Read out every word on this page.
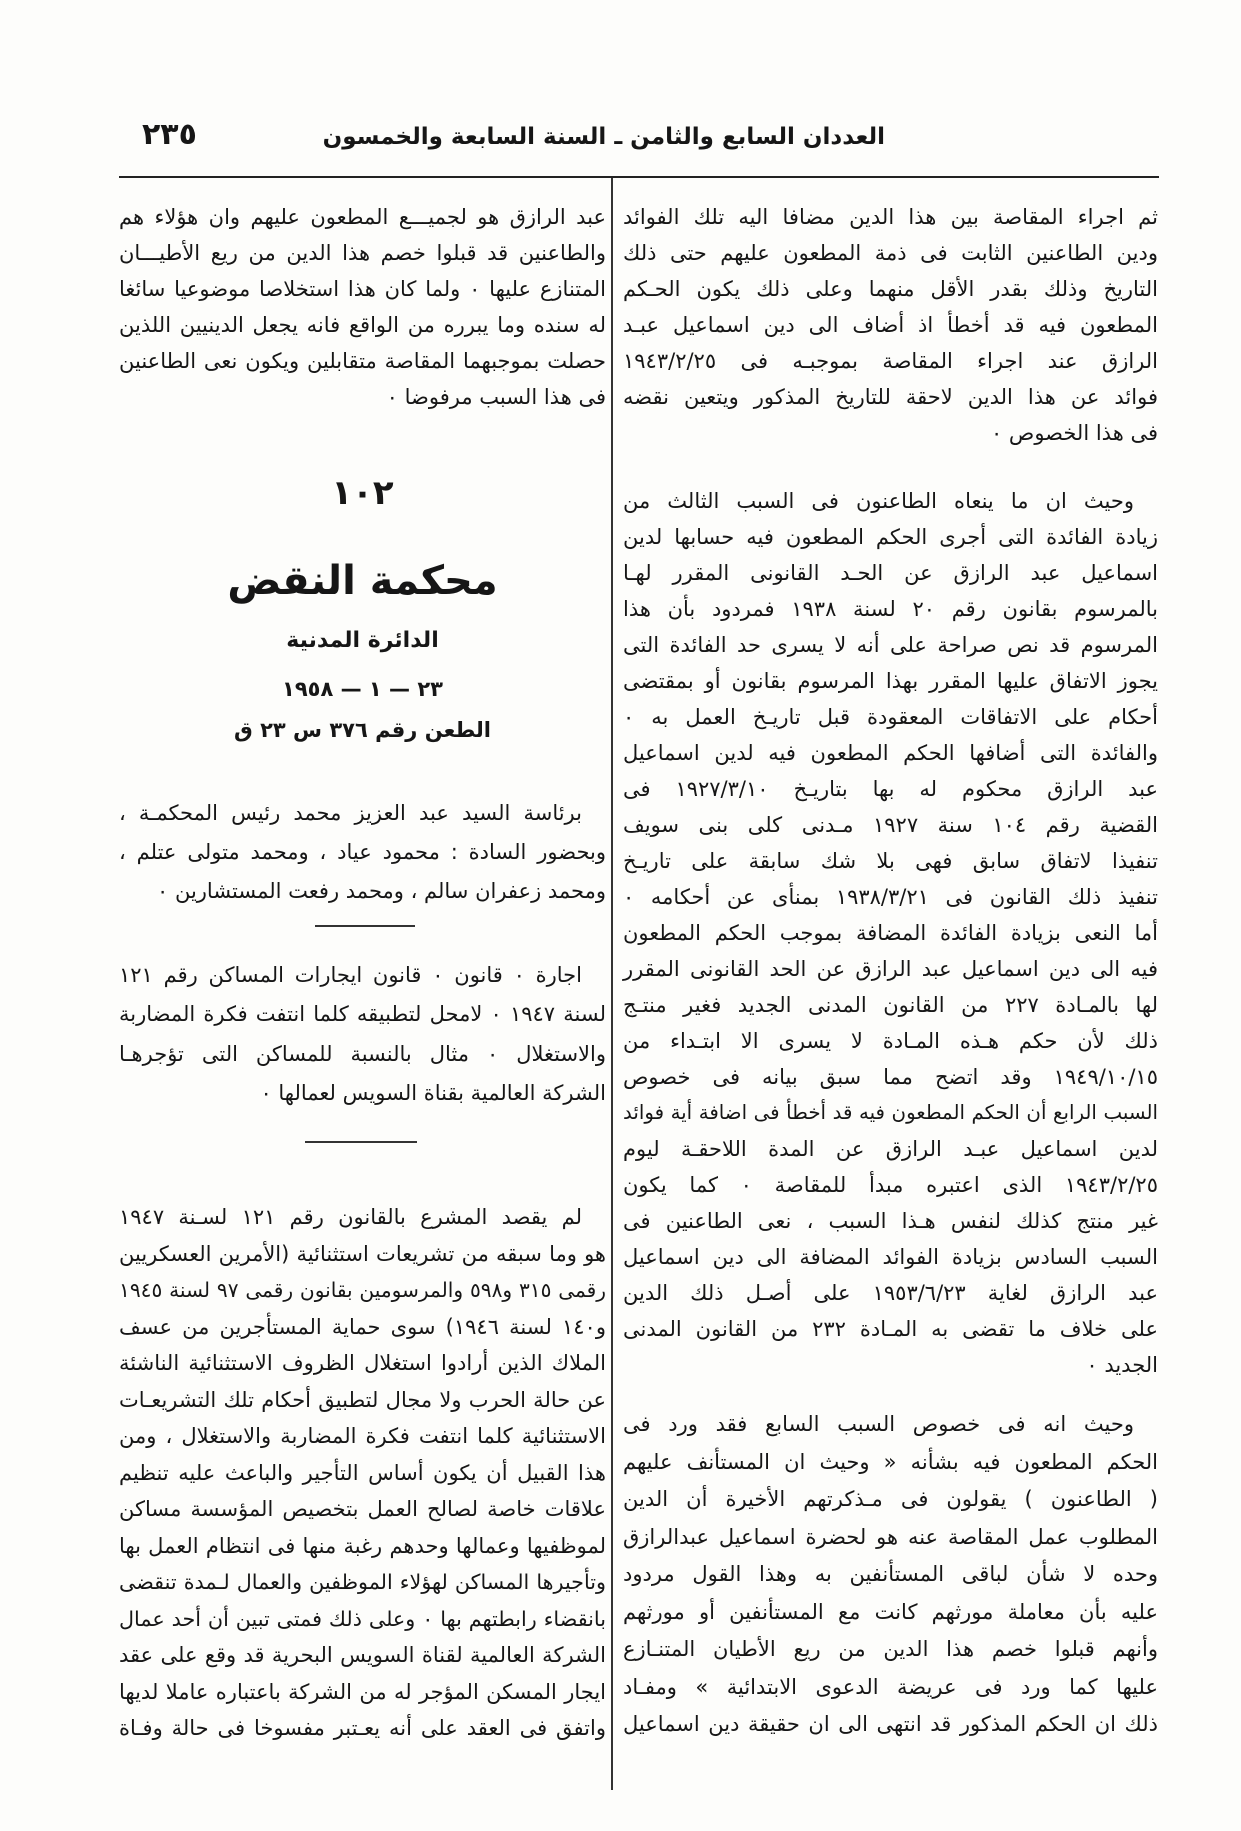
العددان السابع والثامن ـ السنة السابعة والخمسون
٢٣٥
ثم اجراء المقاصة بين هذا الدين مضافا اليه تلك الفوائد
ودين الطاعنين الثابت فى ذمة المطعون عليهم حتى ذلك
التاريخ وذلك بقدر الأقل منهما وعلى ذلك يكون الحـكم
المطعون فيه قد أخطأ اذ أضاف الى دين اسماعيل عبـد
الرازق عند اجراء المقاصة بموجبـه فى ١٩٤٣/٢/٢٥
فوائد عن هذا الدين لاحقة للتاريخ المذكور ويتعين نقضه
فى هذا الخصوص ٠
وحيث ان ما ينعاه الطاعنون فى السبب الثالث من
زيادة الفائدة التى أجرى الحكم المطعون فيه حسابها لدين
اسماعيل عبد الرازق عن الحـد القانونى المقرر لهـا
بالمرسوم بقانون رقم ٢٠ لسنة ١٩٣٨ فمردود بأن هذا
المرسوم قد نص صراحة على أنه لا يسرى حد الفائدة التى
يجوز الاتفاق عليها المقرر بهذا المرسوم بقانون أو بمقتضى
أحكام على الاتفاقات المعقودة قبل تاريـخ العمل به ٠
والفائدة التى أضافها الحكم المطعون فيه لدين اسماعيل
عبد الرازق محكوم له بها بتاريـخ ١٩٢٧/٣/١٠ فى
القضية رقم ١٠٤ سنة ١٩٢٧ مـدنى كلى بنى سويف
تنفيذا لاتفاق سابق فهى بلا شك سابقة على تاريـخ
تنفيذ ذلك القانون فى ١٩٣٨/٣/٢١ بمنأى عن أحكامه ٠
أما النعى بزيادة الفائدة المضافة بموجب الحكم المطعون
فيه الى دين اسماعيل عبد الرازق عن الحد القانونى المقرر
لها بالمـادة ٢٢٧ من القانون المدنى الجديد فغير منتـج
ذلك لأن حكم هـذه المـادة لا يسرى الا ابتـداء من
١٩٤٩/١٠/١٥ وقد اتضح مما سبق بيانه فى خصوص
السبب الرابع أن الحكم المطعون فيه قد أخطأ فى اضافة أية فوائد
لدين اسماعيل عبـد الرازق عن المدة اللاحقـة ليوم
١٩٤٣/٢/٢٥ الذى اعتبره مبدأ للمقاصة ٠ كما يكون
غير منتج كذلك لنفس هـذا السبب ، نعى الطاعنين فى
السبب السادس بزيادة الفوائد المضافة الى دين اسماعيل
عبد الرازق لغاية ١٩٥٣/٦/٢٣ على أصـل ذلك الدين
على خلاف ما تقضى به المـادة ٢٣٢ من القانون المدنى
الجديد ٠
وحيث انه فى خصوص السبب السابع فقد ورد فى
الحكم المطعون فيه بشأنه « وحيث ان المستأنف عليهم
( الطاعنون ) يقولون فى مـذكرتهم الأخيرة أن الدين
المطلوب عمل المقاصة عنه هو لحضرة اسماعيل عبدالرازق
وحده لا شأن لباقى المستأنفين به وهذا القول مردود
عليه بأن معاملة مورثهم كانت مع المستأنفين أو مورثهم
وأنهم قبلوا خصم هذا الدين من ريع الأطيان المتنـازع
عليها كما ورد فى عريضة الدعوى الابتدائية » ومفـاد
ذلك ان الحكم المذكور قد انتهى الى ان حقيقة دين اسماعيل
عبد الرازق هو لجميـــع المطعون عليهم وان هؤلاء هم
والطاعنين قد قبلوا خصم هذا الدين من ريع الأطيـــان
المتنازع عليها ٠ ولما كان هذا استخلاصا موضوعيا سائغا
له سنده وما يبرره من الواقع فانه يجعل الدينيين اللذين
حصلت بموجبهما المقاصة متقابلين ويكون نعى الطاعنين
فى هذا السبب مرفوضا ٠
١٠٢
محكمة النقض
الدائرة المدنية
٢٣ — ١ — ١٩٥٨
الطعن رقم ٣٧٦ س ٢٣ ق
برئاسة السيد عبد العزيز محمد رئيس المحكمـة ،
وبحضور السادة : محمود عياد ، ومحمد متولى عتلم ،
ومحمد زعفران سالم ، ومحمد رفعت المستشارين ٠
اجارة ٠ قانون ٠ قانون ايجارات المساكن رقم ١٢١
لسنة ١٩٤٧ ٠ لامحل لتطبيقه كلما انتفت فكرة المضاربة
والاستغلال ٠ مثال بالنسبة للمساكن التى تؤجرهـا
الشركة العالمية بقناة السويس لعمالها ٠
لم يقصد المشرع بالقانون رقم ١٢١ لسـنة ١٩٤٧
هو وما سبقه من تشريعات استثنائية (الأمرين العسكريين
رقمى ٣١٥ و٥٩٨ والمرسومين بقانون رقمى ٩٧ لسنة ١٩٤٥
و١٤٠ لسنة ١٩٤٦) سوى حماية المستأجرين من عسف
الملاك الذين أرادوا استغلال الظروف الاستثنائية الناشئة
عن حالة الحرب ولا مجال لتطبيق أحكام تلك التشريعـات
الاستثنائية كلما انتفت فكرة المضاربة والاستغلال ، ومن
هذا القبيل أن يكون أساس التأجير والباعث عليه تنظيم
علاقات خاصة لصالح العمل بتخصيص المؤسسة مساكن
لموظفيها وعمالها وحدهم رغبة منها فى انتظام العمل بها
وتأجيرها المساكن لهؤلاء الموظفين والعمال لـمدة تنقضى
بانقضاء رابطتهم بها ٠ وعلى ذلك فمتى تبين أن أحد عمال
الشركة العالمية لقناة السويس البحرية قد وقع على عقد
ايجار المسكن المؤجر له من الشركة باعتباره عاملا لديها
واتفق فى العقد على أنه يعـتبر مفسوخا فى حالة وفـاة
